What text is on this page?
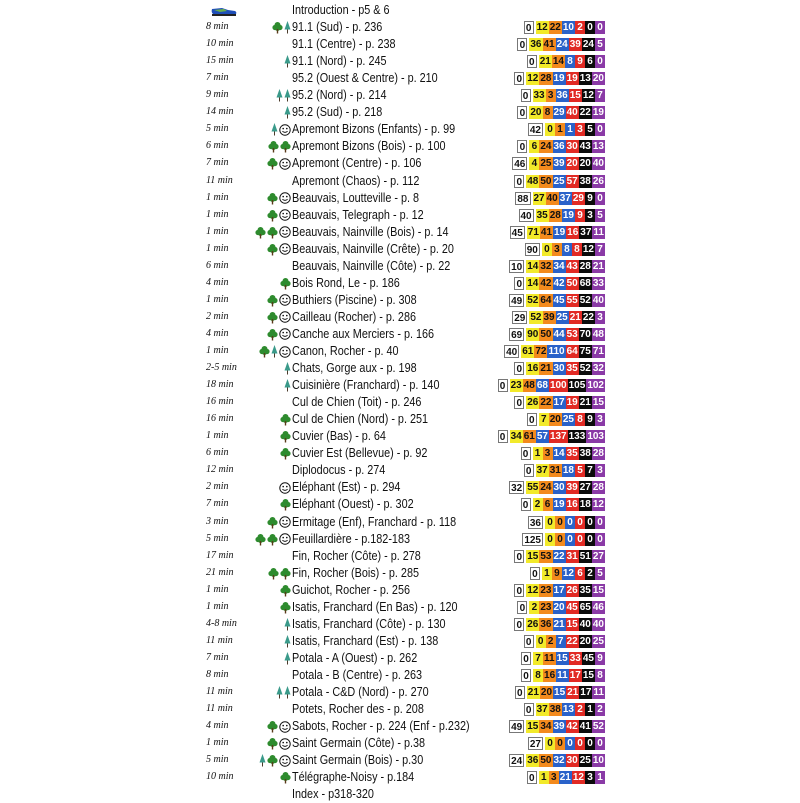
Introduction - p5 & 6
8 min	91.1 (Sud) - p. 236	0 12 22 10 2 0 0
10 min	91.1 (Centre) - p. 238	0 36 41 24 39 24 5
15 min	91.1 (Nord) - p. 245	0 21 14 8 9 6 0
7 min	95.2 (Ouest & Centre) - p. 210	0 12 28 19 19 13 20
9 min	95.2 (Nord) - p. 214	0 33 3 36 15 12 7
14 min	95.2 (Sud) - p. 218	0 20 8 29 40 22 19
5 min	Apremont Bizons (Enfants) - p. 99	42 0 1 1 3 5 0
6 min	Apremont Bizons (Bois) - p. 100	0 6 24 36 30 43 13
7 min	Apremont (Centre) - p. 106	46 4 25 39 20 20 40
11 min	Apremont (Chaos) - p. 112	0 48 50 25 57 38 26
1 min	Beauvais, Loutteville - p. 8	88 27 40 37 29 9 0
1 min	Beauvais, Telegraph - p. 12	40 35 28 19 9 3 5
1 min	Beauvais, Nainville (Bois) - p. 14	45 71 41 19 16 37 11
1 min	Beauvais, Nainville (Crête) - p. 20	90 0 3 8 8 12 7
6 min	Beauvais, Nainville (Côte) - p. 22	10 14 32 34 43 28 21
4 min	Bois Rond, Le - p. 186	0 14 42 42 50 68 33
1 min	Buthiers (Piscine) - p. 308	49 52 64 45 55 52 40
2 min	Cailleau (Rocher) - p. 286	29 52 39 25 21 22 3
4 min	Canche aux Merciers - p. 166	69 90 50 44 53 70 48
1 min	Canon, Rocher - p. 40	40 61 72 110 64 75 71
2-5 min	Chats, Gorge aux - p. 198	0 16 21 30 35 52 32
18 min	Cuisinière (Franchard) - p. 140	0 23 48 68 100 105 102
16 min	Cul de Chien (Toit) - p. 246	0 26 22 17 19 21 15
16 min	Cul de Chien (Nord) - p. 251	0 7 20 25 8 9 3
1 min	Cuvier (Bas) - p. 64	0 34 61 57 137 133 103
6 min	Cuvier Est (Bellevue) - p. 92	0 1 3 14 35 38 28
12 min	Diplodocus - p. 274	0 37 31 18 5 7 3
2 min	Eléphant (Est) - p. 294	32 55 24 30 39 27 28
7 min	Eléphant (Ouest) - p. 302	0 2 6 19 16 18 12
3 min	Ermitage (Enf), Franchard - p. 118	36 0 0 0 0 0 0
5 min	Feuillardière - p.182-183	125 0 0 0 0 0 0
17 min	Fin, Rocher (Côte) - p. 278	0 15 53 22 31 51 27
21 min	Fin, Rocher (Bois) - p. 285	0 1 9 12 6 2 5
1 min	Guichot, Rocher - p. 256	0 12 23 17 26 35 15
1 min	Isatis, Franchard (En Bas) - p. 120	0 2 23 20 45 65 46
4-8 min	Isatis, Franchard (Côte) - p. 130	0 26 36 21 15 40 40
11 min	Isatis, Franchard (Est) - p. 138	0 0 2 7 22 20 25
7 min	Potala - A (Ouest) - p. 262	0 7 11 15 33 45 9
8 min	Potala - B (Centre) - p. 263	0 8 16 11 17 15 8
11 min	Potala - C&D (Nord) - p. 270	0 21 20 15 21 17 11
11 min	Potets, Rocher des - p. 208	0 37 38 13 2 1 2
4 min	Sabots, Rocher - p. 224 (Enf - p.232)	49 15 34 39 42 41 52
1 min	Saint Germain (Côte) - p.38	27 0 0 0 0 0 0
5 min	Saint Germain (Bois) - p.30	24 36 50 32 30 25 10
10 min	Télégraphe-Noisy - p.184	0 1 3 21 12 3 1
Index - p318-320
